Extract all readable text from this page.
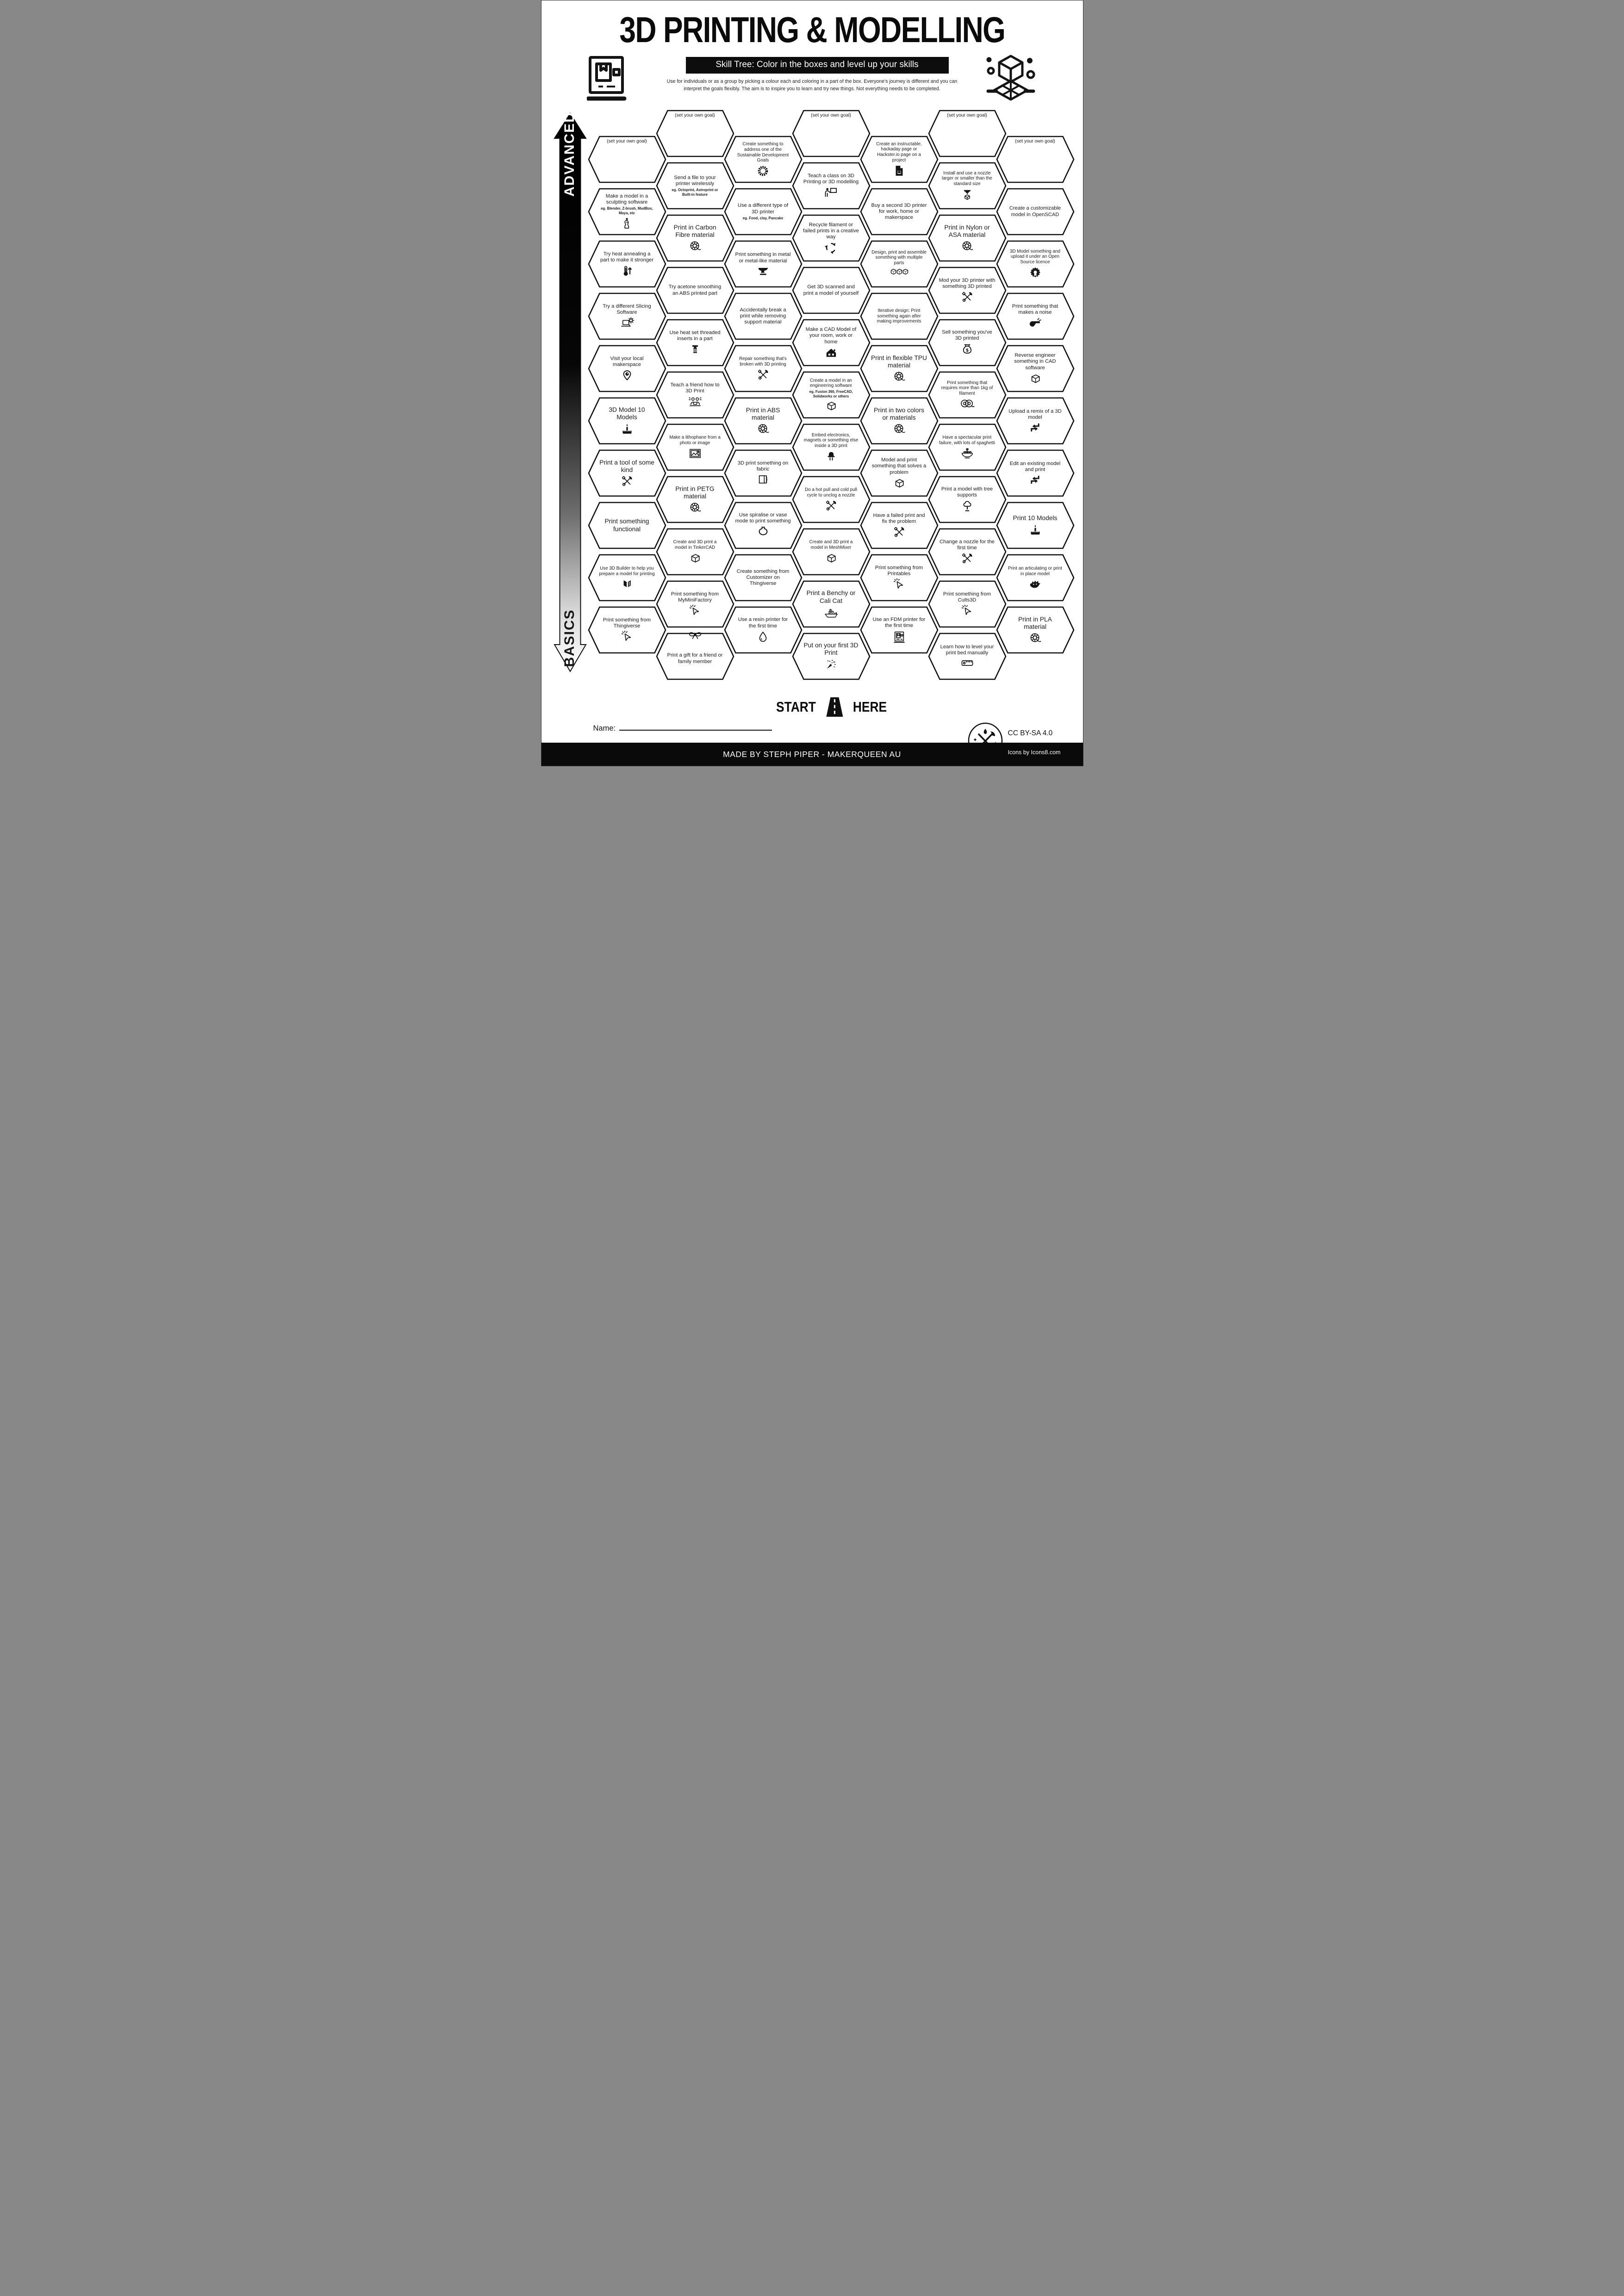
3D PRINTING & MODELLING
Skill Tree: Color in the boxes and level up your skills
Use for individuals or as a group by picking a colour each and coloring in a part of the box. Everyone's journey is different and you can
interpret the goals flexibly. The aim is to inspire you to learn and try new things. Not everything needs to be completed.
ADVANCED
BASICS
(set your own goal)
Make a model in a sculpting software
eg. Blender, Z-brush, MudBox, Maya, etc
Try heat annealing a part to make it stronger
Try a different Slicing Software
Visit your local makerspace
3D Model 10 Models
Print a tool of some kind
Print something functional
Use 3D Builder to help you prepare a model for printing
Print something from Thingiverse
(set your own goal)
Send a file to your printer wirelessly
eg. Octoprint, Astroprint or Built-in feature
Print in Carbon Fibre material
Try acetone smoothing an ABS printed part
Use heat set threaded inserts in a part
Teach a friend how to 3D Print
Make a lithophane from a photo or image
Print in PETG material
Create and 3D print a model in TinkerCAD
Print something from MyMiniFactory
Print a gift for a friend or family member
Create something to address one of the Sustainable Development Goals
Use a different type of 3D printer
eg. Food, clay, Pancake
Print something in metal or metal-like material
Accidentally break a print while removing support material
Repair something that's broken with 3D printing
Print in ABS material
3D print something on fabric
Use spiralise or vase mode to print something
Create something from Customizer on Thingiverse
Use a resin printer for the first time
(set your own goal)
Teach a class on 3D Printing or 3D modelling
Recycle filament or failed prints in a creative way
Get 3D scanned and print a model of yourself
Make a CAD Model of your room, work or home
Create a model in an engineering software
eg. Fusion 360, FreeCAD, Solidworks or others
Embed electronics, magnets or something else inside a 3D print
Do a hot pull and cold pull cycle to unclog a nozzle
Create and 3D print a model in MeshMixer
Print a Benchy or Cali Cat
Put on your first 3D Print
Create an instructable, hackaday page or Hackster.io page on a project
Buy a second 3D printer for work, home or makerspace
Design, print and assemble something with multiple parts
Iterative design: Print something again after making improvements
Print in flexible TPU material
Print in two colors or materials
Model and print something that solves a problem
Have a failed print and fix the problem
Print something from Printables
Use an FDM printer for the first time
(set your own goal)
Install and use a nozzle larger or smaller than the standard size
Print in Nylon or ASA material
Mod your 3D printer with something 3D printed
Sell something you've 3D printed
$
Print something that requires more than 1kg of filament
Have a spectacular print failure, with lots of spaghetti
Print a model with tree supports
Change a nozzle for the first time
Print something from Cults3D
Learn how to level your print bed manually
(set your own goal)
Create a customizable model in OpenSCAD
3D Model something and upload it under an Open Source licence
Print something that makes a noise
Reverse engineer something in CAD software
Upload a remix of a 3D model
Edit an existing model and print
Print 10 Models
Print an articulating or print in place model
Print in PLA material
START	HERE
Name:
CC BY-SA 4.0
MADE BY STEPH PIPER - MAKERQUEEN AU	Icons by Icons8.com
